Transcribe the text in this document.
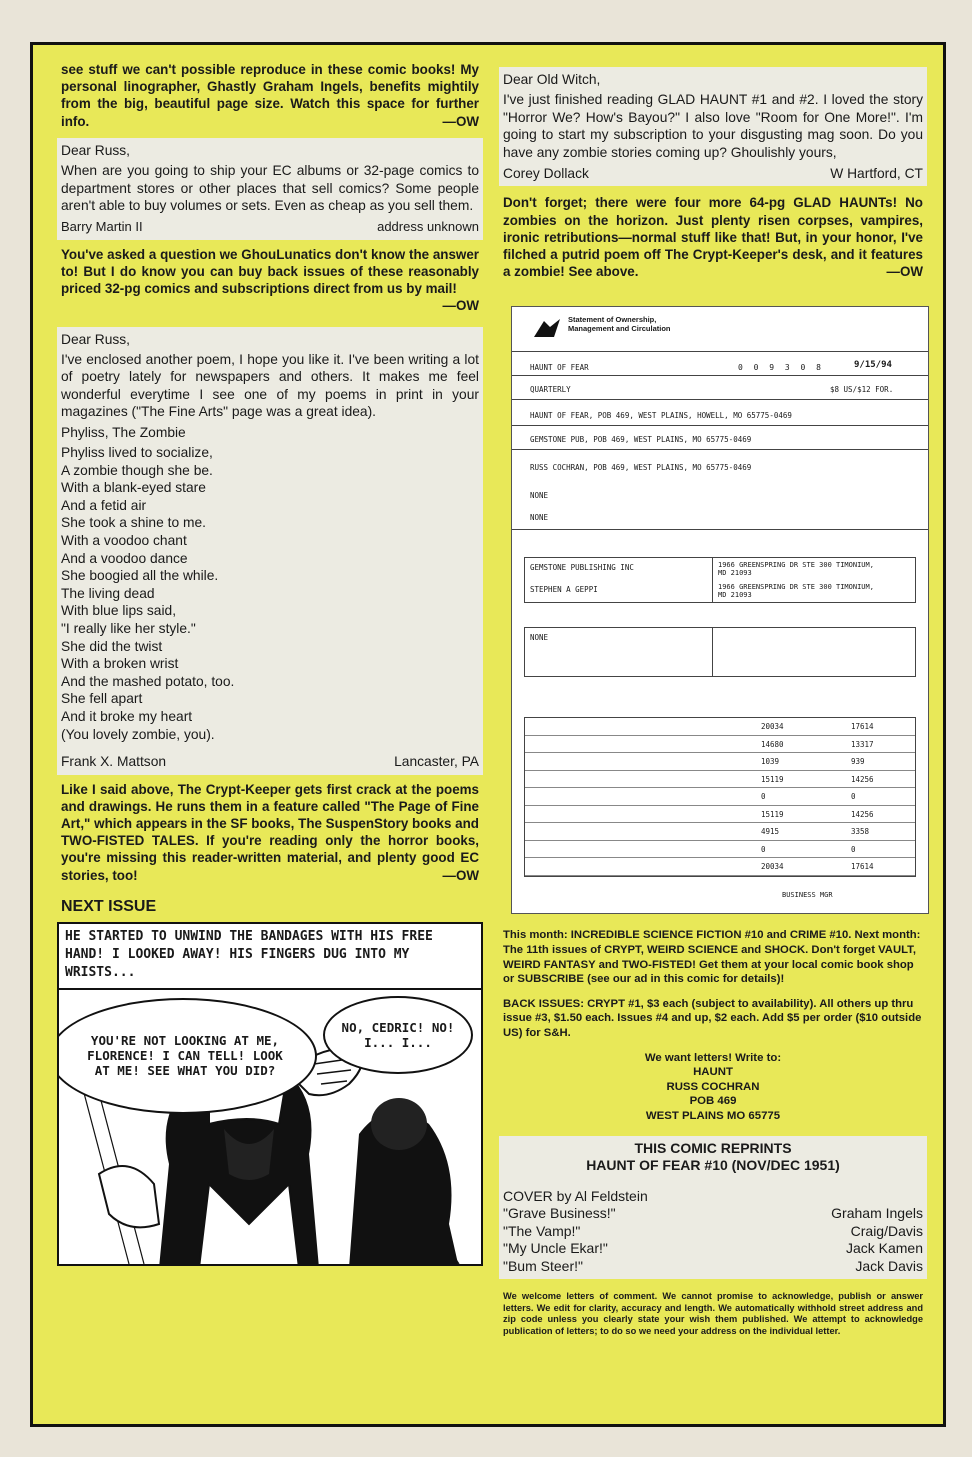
see stuff we can't possible reproduce in these comic books! My personal linographer, Ghastly Graham Ingels, benefits mightily from the big, beautiful page size. Watch this space for further info.	—OW

Dear Russ,

When are you going to ship your EC albums or 32-page comics to department stores or other places that sell comics? Some people aren't able to buy volumes or sets. Even as cheap as you sell them.

Barry Martin II	address unknown
You've asked a question we GhouLunatics don't know the answer to! But I do know you can buy back issues of these reasonably priced 32-pg comics and subscriptions direct from us by mail!
—OW

Dear Russ,

I've enclosed another poem, I hope you like it. I've been writing a lot of poetry lately for newspapers and others. It makes me feel wonderful everytime I see one of my poems in print in your magazines ("The Fine Arts" page was a great idea).

Phyliss, The Zombie

Phyliss lived to socialize,
A zombie though she be.
With a blank-eyed stare
And a fetid air
She took a shine to me.
With a voodoo chant
And a voodoo dance
She boogied all the while.
The living dead
With blue lips said,
"I really like her style."
She did the twist
With a broken wrist
And the mashed potato, too.
She fell apart
And it broke my heart
(You lovely zombie, you).
Frank X. Mattson	Lancaster, PA
Like I said above, The Crypt-Keeper gets first crack at the poems and drawings. He runs them in a feature called "The Page of Fine Art," which appears in the SF books, The SuspenStory books and TWO-FISTED TALES. If you're reading only the horror books, you're missing this reader-written material, and plenty good EC stories, too!	—OW
NEXT ISSUE
HE STARTED TO UNWIND THE BANDAGES WITH HIS FREE HAND! I LOOKED AWAY! HIS FINGERS DUG INTO MY WRISTS...
YOU'RE NOT LOOKING AT ME, FLORENCE! I CAN TELL! LOOK AT ME! SEE WHAT YOU DID?
NO, CEDRIC! NO! I... I...

Dear Old Witch,

I've just finished reading GLAD HAUNT #1 and #2. I loved the story "Horror We? How's Bayou?" I also love "Room for One More!". I'm going to start my subscription to your disgusting mag soon. Do you have any zombie stories coming up? Ghoulishly yours,

Corey Dollack	W Hartford, CT
Don't forget; there were four more 64-pg GLAD HAUNTs! No zombies on the horizon. Just plenty risen corpses, vampires, ironic retributions—normal stuff like that! But, in your honor, I've filched a putrid poem off The Crypt-Keeper's desk, and it features a zombie! See above.	—OW
Statement of Ownership, Management and Circulation
HAUNT OF FEAR	0 0 9 3 0 8	9/15/94
QUARTERLY	$8 US/$12 FOR.
HAUNT OF FEAR, POB 469, WEST PLAINS, HOWELL, MO 65775-0469
GEMSTONE PUB, POB 469, WEST PLAINS, MO 65775-0469
RUSS COCHRAN, POB 469, WEST PLAINS, MO 65775-0469
NONE
NONE
GEMSTONE PUBLISHING INC	1966 GREENSPRING DR STE 300 TIMONIUM, MD 21093
STEPHEN A GEPPI	1966 GREENSPRING DR STE 300 TIMONIUM, MD 21093
NONE
20034	17614
14680	13317
1039	939
15119	14256
0	0
15119	14256
4915	3358
0	0
20034	17614
BUSINESS MGR
This month: INCREDIBLE SCIENCE FICTION #10 and CRIME #10. Next month: The 11th issues of CRYPT, WEIRD SCIENCE and SHOCK. Don't forget VAULT, WEIRD FANTASY and TWO-FISTED! Get them at your local comic book shop or SUBSCRIBE (see our ad in this comic for details)!
BACK ISSUES: CRYPT #1, $3 each (subject to availability). All others up thru issue #3, $1.50 each. Issues #4 and up, $2 each. Add $5 per order ($10 outside US) for S&H.
We want letters! Write to:
HAUNT
RUSS COCHRAN
POB 469
WEST PLAINS MO 65775
THIS COMIC REPRINTS
HAUNT OF FEAR #10 (NOV/DEC 1951)
COVER by Al Feldstein
"Grave Business!"	Graham Ingels
"The Vamp!"	Craig/Davis
"My Uncle Ekar!"	Jack Kamen
"Bum Steer!"	Jack Davis
We welcome letters of comment. We cannot promise to acknowledge, publish or answer letters. We edit for clarity, accuracy and length. We automatically withhold street address and zip code unless you clearly state your wish them published. We attempt to acknowledge publication of letters; to do so we need your address on the individual letter.
